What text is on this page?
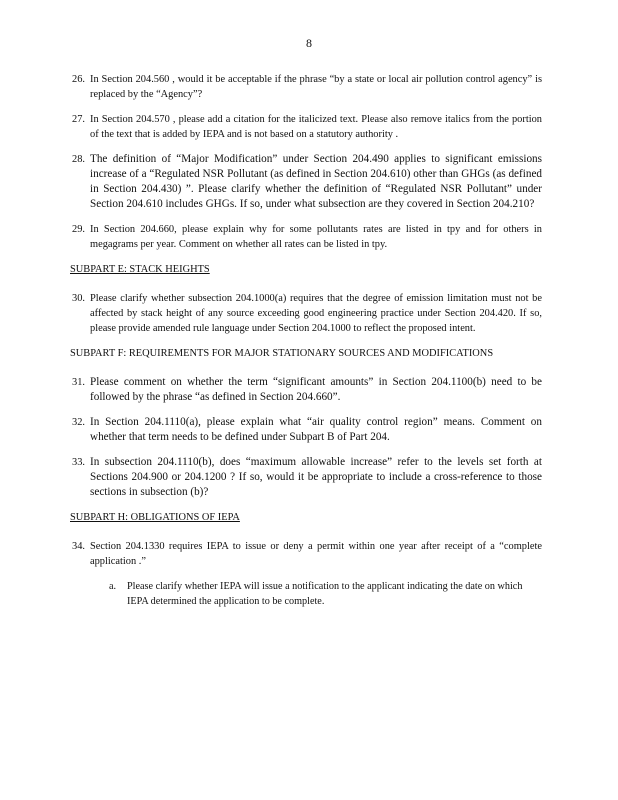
8
26. In Section 204.560 , would it be acceptable if the phrase “by a state or local air pollution control agency” is replaced by the “Agency”?
27. In Section 204.570 , please add a citation for the italicized text. Please also remove italics from the portion of the text that is added by IEPA and is not based on a statutory authority .
28. The definition of “Major Modification” under Section 204.490 applies to significant emissions increase of a “Regulated NSR Pollutant (as defined in Section 204.610) other than GHGs (as defined in Section 204.430) ”. Please clarify whether the definition of “Regulated NSR Pollutant” under Section 204.610 includes GHGs. If so, under what subsection are they covered in Section 204.210?
29. In Section 204.660, please explain why for some pollutants rates are listed in tpy and for others in megagrams per year. Comment on whether all rates can be listed in tpy.
SUBPART E: STACK HEIGHTS
30. Please clarify whether subsection 204.1000(a) requires that the degree of emission limitation must not be affected by stack height of any source exceeding good engineering practice under Section 204.420. If so, please provide amended rule language under Section 204.1000 to reflect the proposed intent.
SUBPART F: REQUIREMENTS FOR MAJOR STATIONARY SOURCES AND MODIFICATIONS
31. Please comment on whether the term “significant amounts” in Section 204.1100(b) need to be followed by the phrase “as defined in Section 204.660”.
32. In Section 204.1110(a), please explain what “air quality control region” means. Comment on whether that term needs to be defined under Subpart B of Part 204.
33. In subsection 204.1110(b), does “maximum allowable increase” refer to the levels set forth at Sections 204.900 or 204.1200 ? If so, would it be appropriate to include a cross-reference to those sections in subsection (b)?
SUBPART H: OBLIGATIONS OF IEPA
34. Section 204.1330 requires IEPA to issue or deny a permit within one year after receipt of a “complete application .”
a.	Please clarify whether IEPA will issue a notification to the applicant indicating the date on which IEPA determined the application to be complete.
